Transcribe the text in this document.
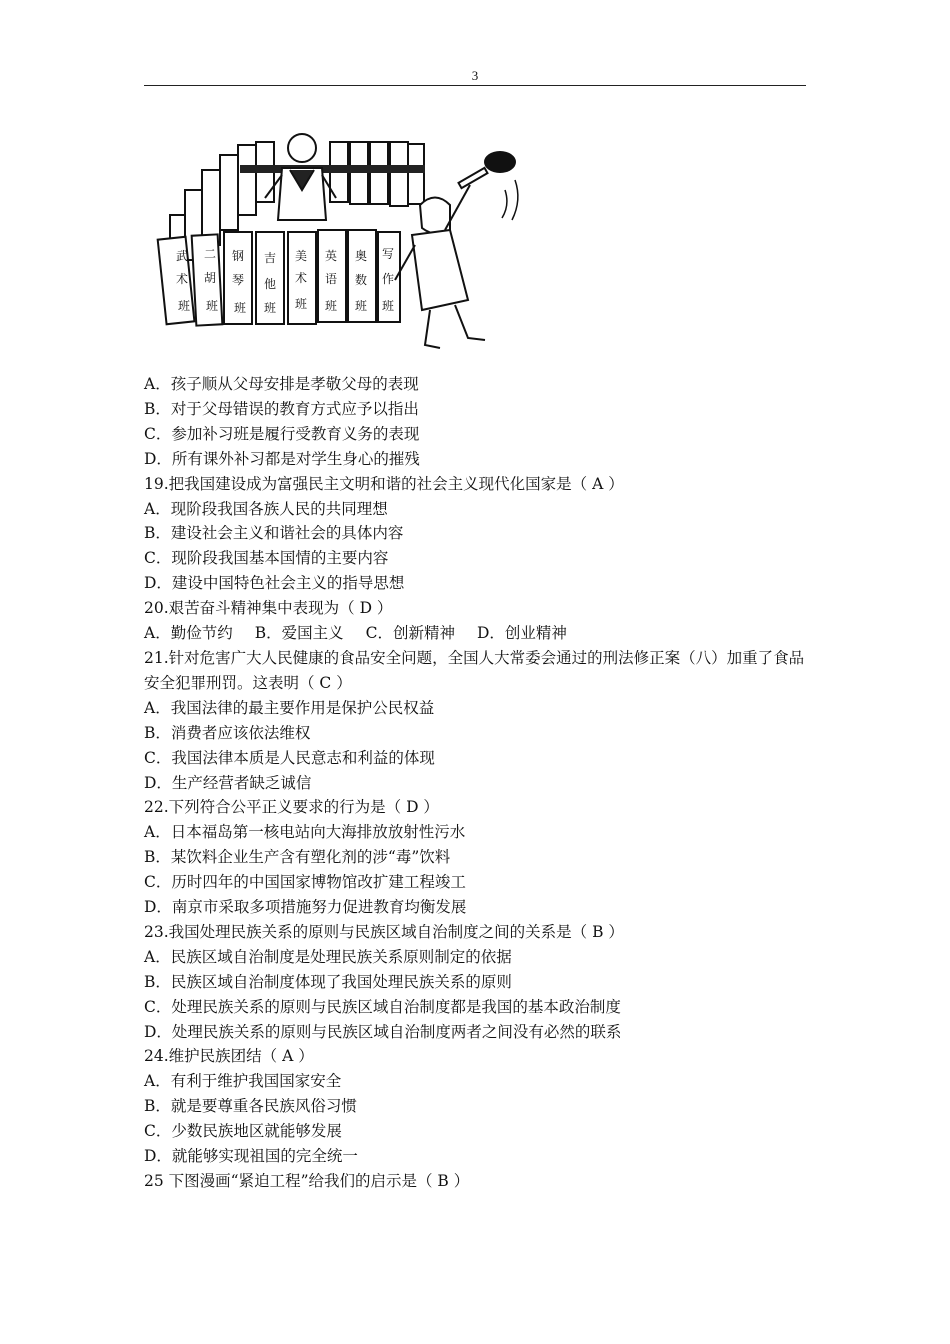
3
武
术
班
二
胡
班
钢
琴
班
吉
他
班
美
术
班
英
语
班
奥
数
班
写
作
班
A．孩子顺从父母安排是孝敬父母的表现
B．对于父母错误的教育方式应予以指出
C．参加补习班是履行受教育义务的表现
D．所有课外补习都是对学生身心的摧残
19.把我国建设成为富强民主文明和谐的社会主义现代化国家是（ A ）
A．现阶段我国各族人民的共同理想
B．建设社会主义和谐社会的具体内容
C．现阶段我国基本国情的主要内容
D．建设中国特色社会主义的指导思想
20.艰苦奋斗精神集中表现为（ D ）
A．勤俭节约 B．爱国主义 C．创新精神 D．创业精神
21.针对危害广大人民健康的食品安全问题，全国人大常委会通过的刑法修正案（八）加重了食品安全犯罪刑罚。这表明（ C ）
A．我国法律的最主要作用是保护公民权益
B．消费者应该依法维权
C．我国法律本质是人民意志和利益的体现
D．生产经营者缺乏诚信
22.下列符合公平正义要求的行为是（ D ）
A．日本福岛第一核电站向大海排放放射性污水
B．某饮料企业生产含有塑化剂的涉“毒”饮料
C．历时四年的中国国家博物馆改扩建工程竣工
D．南京市采取多项措施努力促进教育均衡发展
23.我国处理民族关系的原则与民族区域自治制度之间的关系是（ B ）
A．民族区域自治制度是处理民族关系原则制定的依据
B．民族区域自治制度体现了我国处理民族关系的原则
C．处理民族关系的原则与民族区域自治制度都是我国的基本政治制度
D．处理民族关系的原则与民族区域自治制度两者之间没有必然的联系
24.维护民族团结（ A ）
A．有利于维护我国国家安全
B．就是要尊重各民族风俗习惯
C．少数民族地区就能够发展
D．就能够实现祖国的完全统一
25 下图漫画“紧迫工程”给我们的启示是（ B ）
